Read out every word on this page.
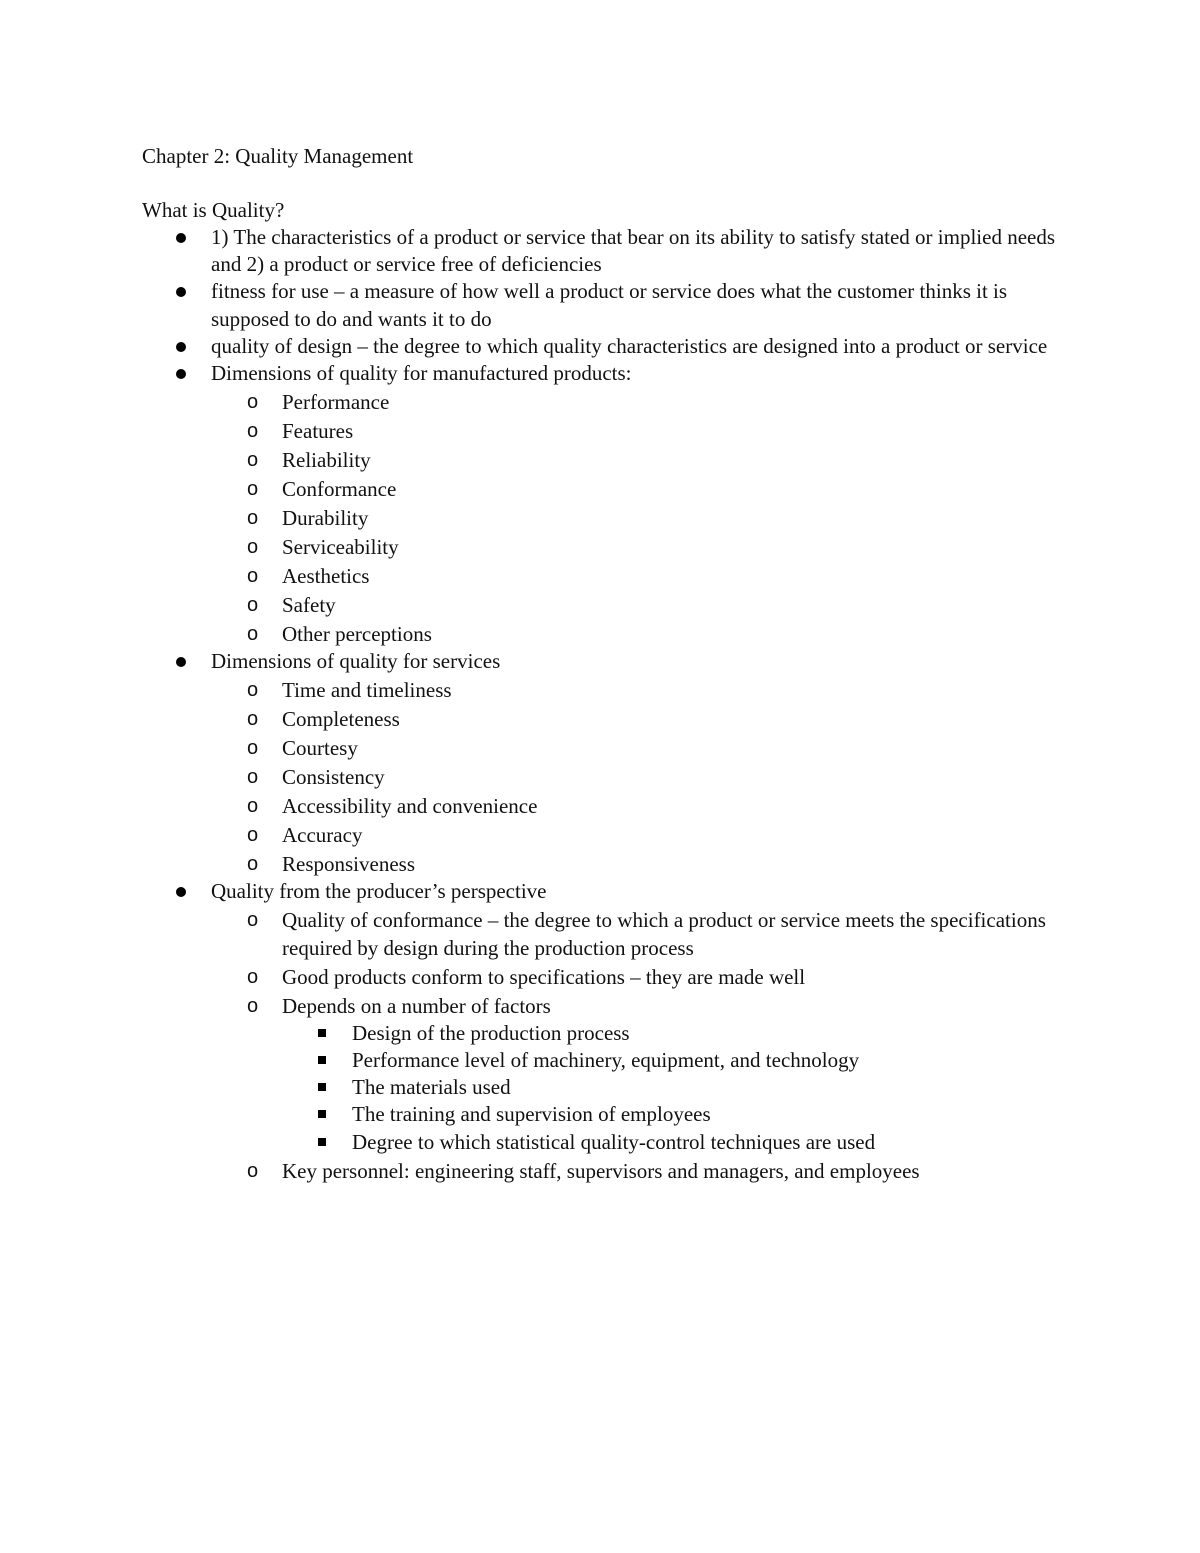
Chapter 2: Quality Management
What is Quality?
1) The characteristics of a product or service that bear on its ability to satisfy stated or implied needs and 2) a product or service free of deficiencies
fitness for use – a measure of how well a product or service does what the customer thinks it is supposed to do and wants it to do
quality of design – the degree to which quality characteristics are designed into a product or service
Dimensions of quality for manufactured products:
o Performance
o Features
o Reliability
o Conformance
o Durability
o Serviceability
o Aesthetics
o Safety
o Other perceptions
Dimensions of quality for services
o Time and timeliness
o Completeness
o Courtesy
o Consistency
o Accessibility and convenience
o Accuracy
o Responsiveness
Quality from the producer’s perspective
o Quality of conformance – the degree to which a product or service meets the specifications required by design during the production process
o Good products conform to specifications – they are made well
o Depends on a number of factors
Design of the production process
Performance level of machinery, equipment, and technology
The materials used
The training and supervision of employees
Degree to which statistical quality-control techniques are used
o Key personnel: engineering staff, supervisors and managers, and employees
